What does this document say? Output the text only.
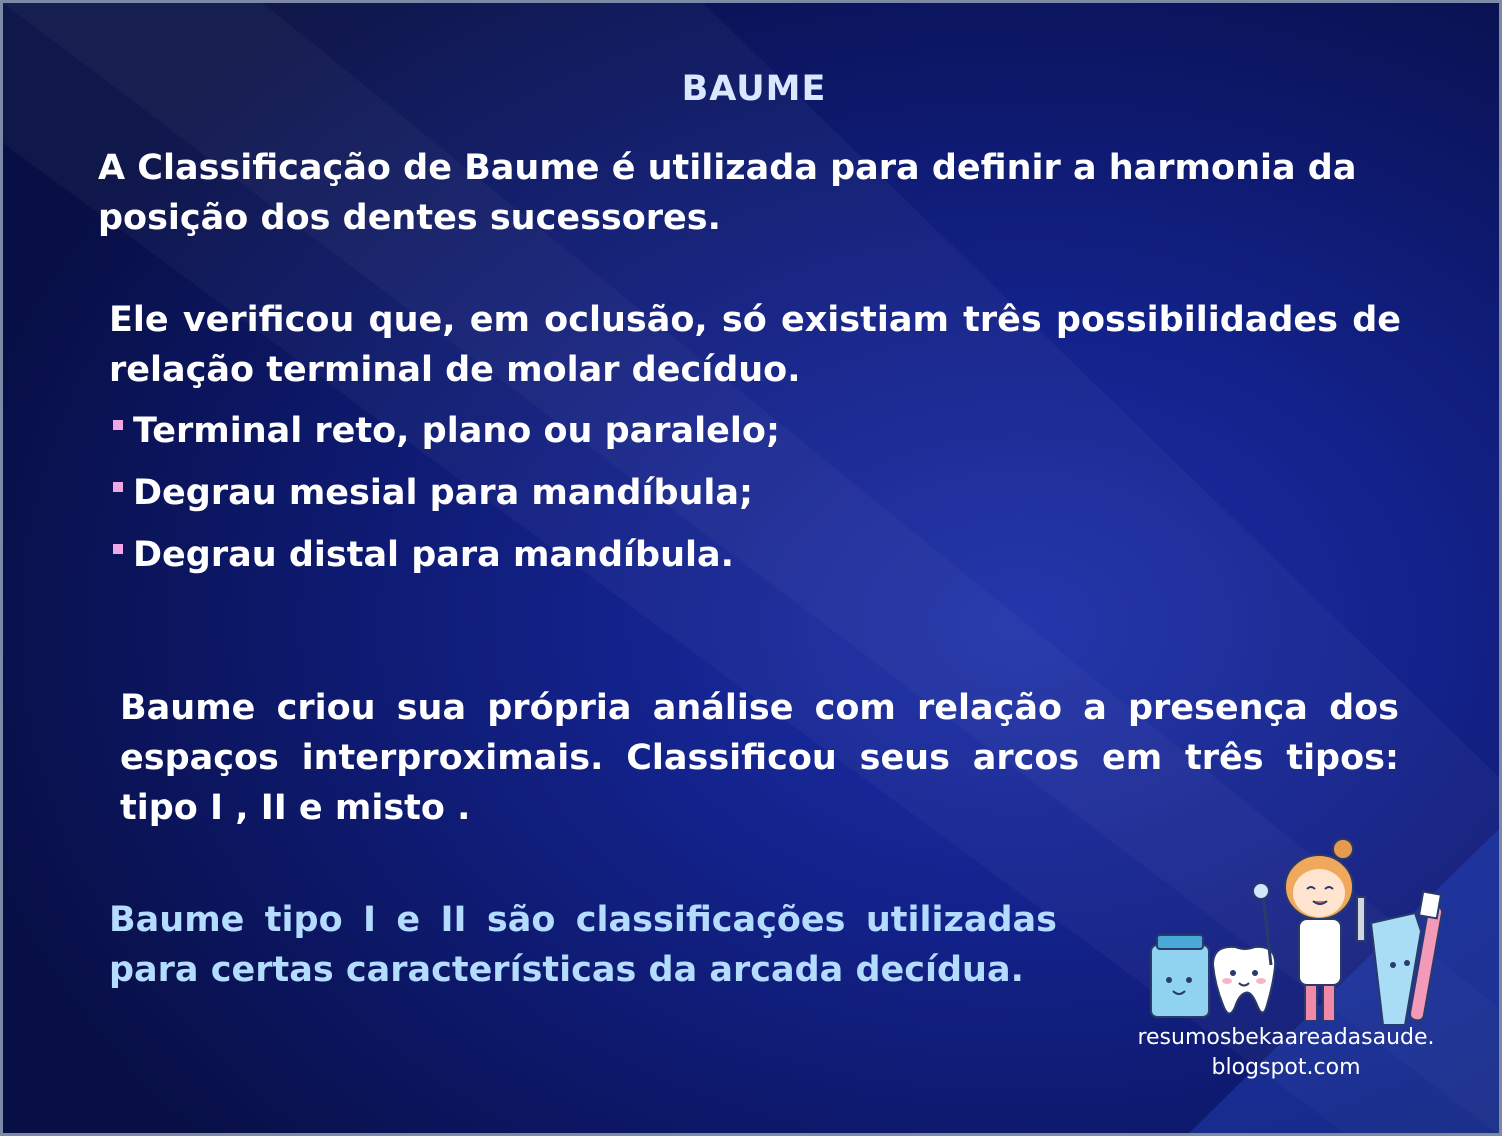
BAUME

A Classificação de Baume é utilizada para definir a harmonia da posição dos dentes sucessores.

Ele verificou que, em oclusão, só existiam três possibilidades de relação terminal de molar decíduo.

Terminal reto, plano ou paralelo;
Degrau mesial para mandíbula;
Degrau distal para mandíbula.

Baume criou sua própria análise com relação a presença dos espaços interproximais. Classificou seus arcos em três tipos: tipo I , II e misto .

Baume tipo I e II são classificações utilizadas para certas características da arcada decídua.

resumosbekaareadasaude.
blogspot.com
